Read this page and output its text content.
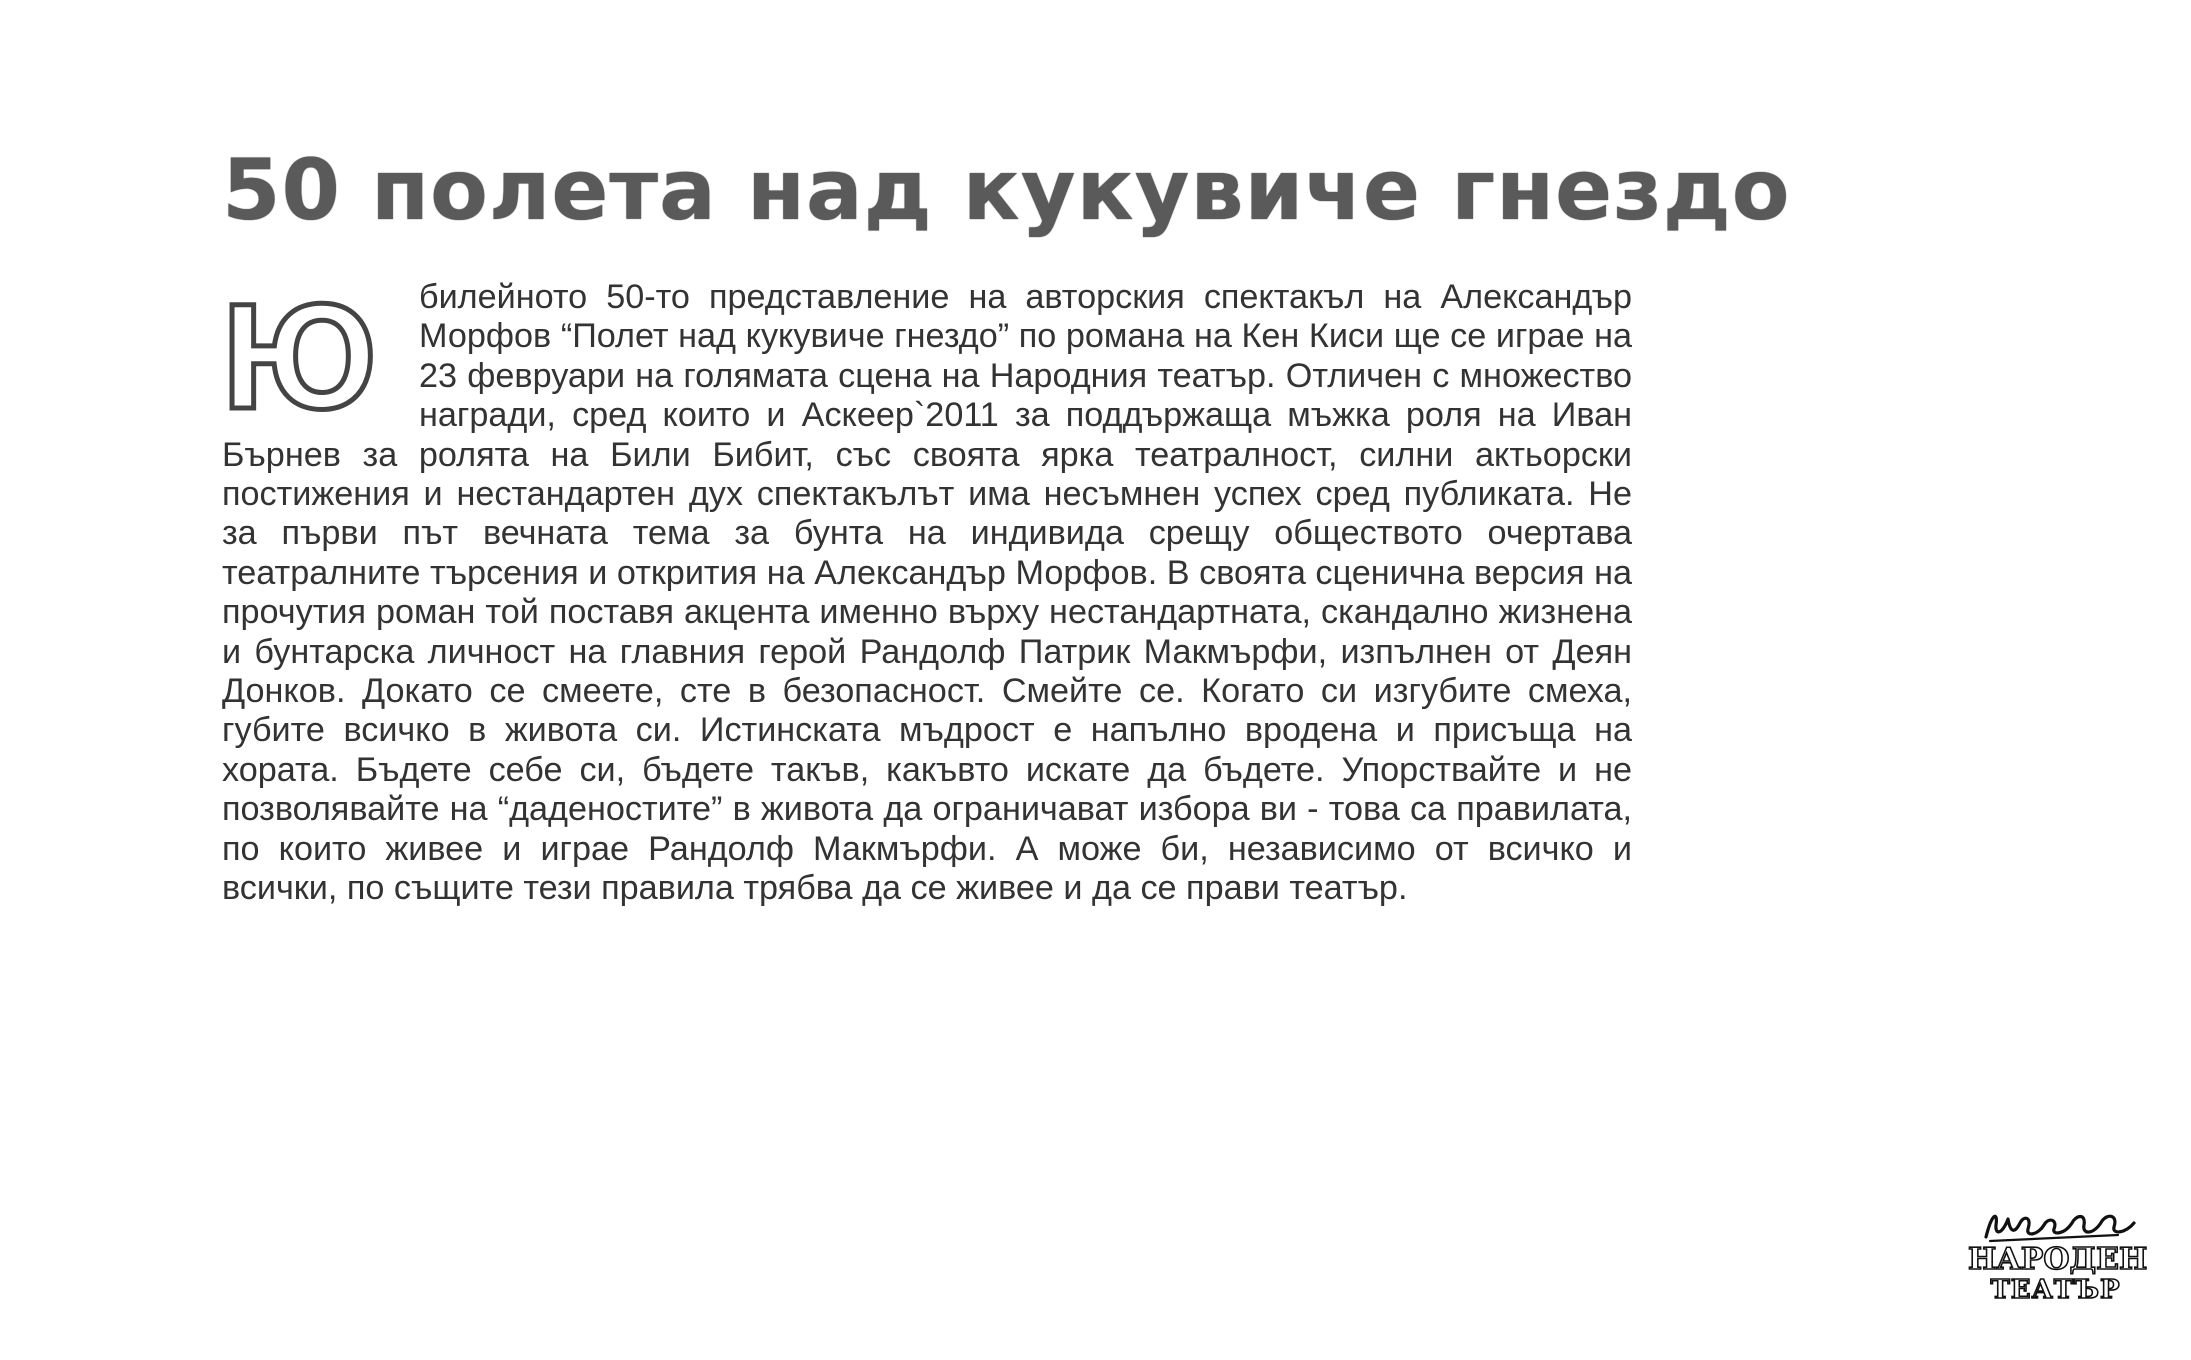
50 полета над кукувиче гнездо
Ю	билейното 50-то представление на авторския спектакъл на Александър Морфов “Полет над кукувиче гнездо” по романа на Кен Киси ще се играе на 23 февруари на голямата сцена на Народния театър. Отличен с множество награди, сред които и Аскеер`2011 за поддържаща мъжка роля на Иван Бърнев за ролята на Били Бибит, със своята ярка театралност, силни актьорски постижения и нестандартен дух спектакълът има несъмнен успех сред публиката. Не за първи път вечната тема за бунта на индивида срещу обществото очертава театралните търсения и открития на Александър Морфов. В своята сценична версия на прочутия роман той поставя акцента именно върху нестандартната, скандално жизнена и бунтарска личност на главния герой Рандолф Патрик Макмърфи, изпълнен от Деян Донков. Докато се смеете, сте в безопасност. Смейте се. Когато си изгубите смеха, губите всичко в живота си. Истинската мъдрост е напълно вродена и присъща на хората. Бъдете себе си, бъдете такъв, какъвто искате да бъдете. Упорствайте и не позволявайте на “даденостите” в живота да ограничават избора ви - това са правилата, по които живее и играе Рандолф Макмърфи. А може би, независимо от всичко и всички, по същите тези правила трябва да се живее и да се прави театър.

НАРОДЕН
ТЕАТЪР
